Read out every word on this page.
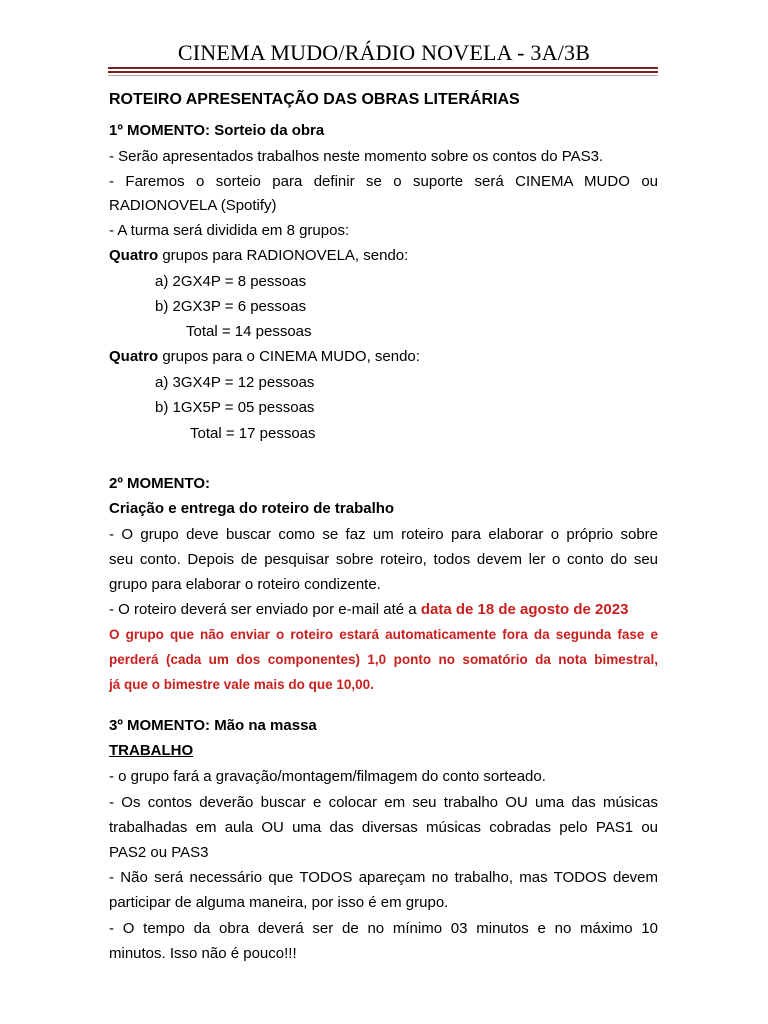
CINEMA MUDO/RÁDIO NOVELA - 3A/3B
ROTEIRO APRESENTAÇÃO DAS OBRAS LITERÁRIAS
1º MOMENTO: Sorteio da obra
- Serão apresentados trabalhos neste momento sobre os contos do PAS3.
- Faremos o sorteio para definir se o suporte será CINEMA MUDO ou
RADIONOVELA (Spotify)
- A turma será dividida em 8 grupos:
Quatro grupos para RADIONOVELA, sendo:
a) 2GX4P = 8 pessoas
b) 2GX3P = 6 pessoas
Total = 14 pessoas
Quatro grupos para o CINEMA MUDO, sendo:
a) 3GX4P = 12 pessoas
b) 1GX5P = 05 pessoas
Total = 17 pessoas
2º MOMENTO:
Criação e entrega do roteiro de trabalho
- O grupo deve buscar como se faz um roteiro para elaborar o próprio sobre
seu conto. Depois de pesquisar sobre roteiro, todos devem ler o conto do seu
grupo para elaborar o roteiro condizente.
- O roteiro deverá ser enviado por e-mail até a data de 18 de agosto de 2023
O grupo que não enviar o roteiro estará automaticamente fora da segunda fase e
perderá (cada um dos componentes) 1,0 ponto no somatório da nota bimestral,
já que o bimestre vale mais do que 10,00.
3º MOMENTO: Mão na massa
TRABALHO
- o grupo fará a gravação/montagem/filmagem do conto sorteado.
- Os contos deverão buscar e colocar em seu trabalho OU uma das músicas
trabalhadas em aula OU uma das diversas músicas cobradas pelo PAS1 ou
PAS2 ou PAS3
- Não será necessário que TODOS apareçam no trabalho, mas TODOS devem
participar de alguma maneira, por isso é em grupo.
- O tempo da obra deverá ser de no mínimo 03 minutos e no máximo 10
minutos. Isso não é pouco!!!
